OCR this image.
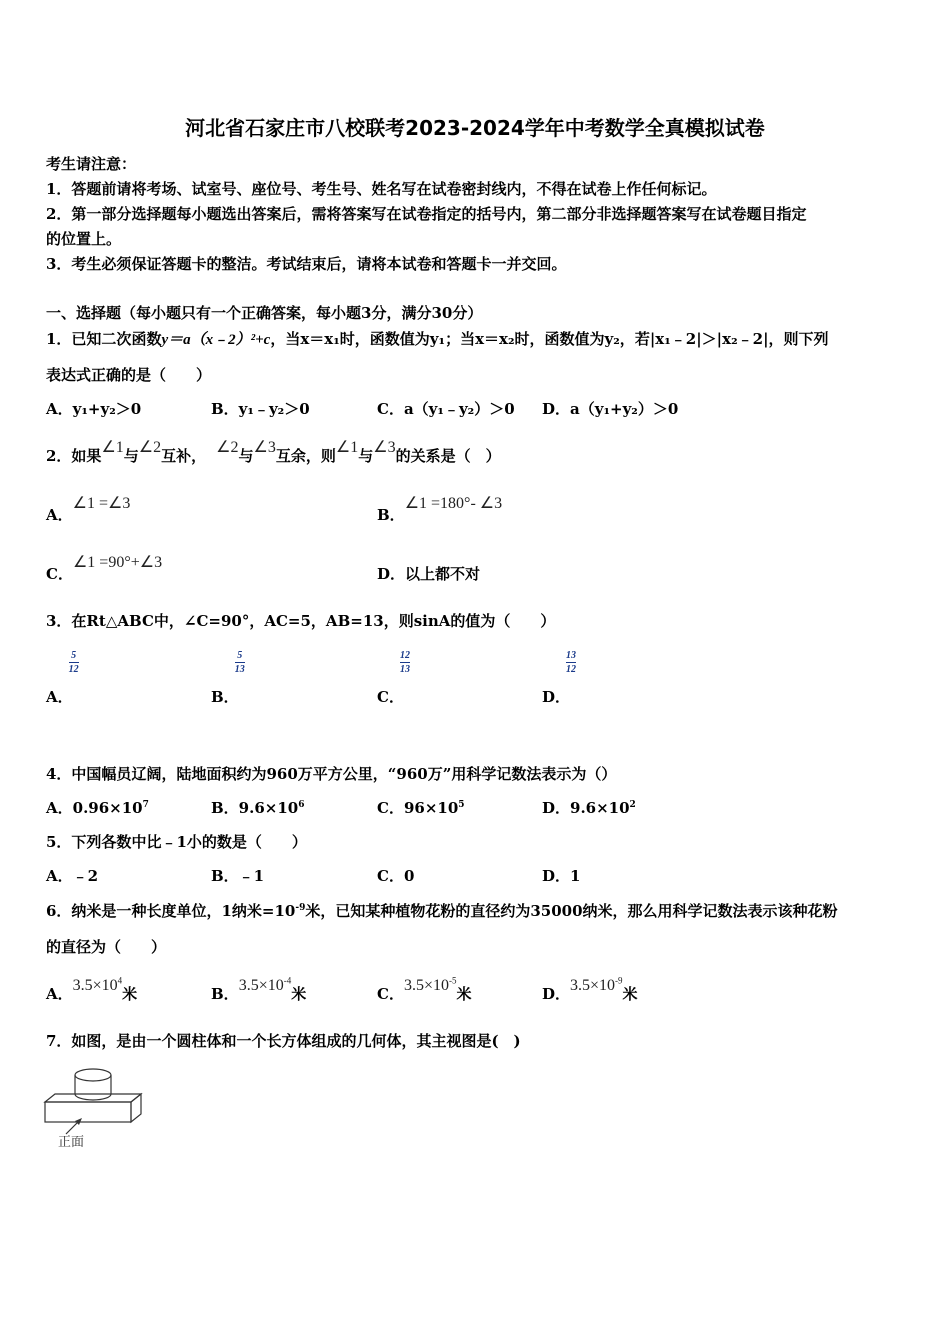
河北省石家庄市八校联考2023-2024学年中考数学全真模拟试卷
考生请注意：
1．答题前请将考场、试室号、座位号、考生号、姓名写在试卷密封线内，不得在试卷上作任何标记。
2．第一部分选择题每小题选出答案后，需将答案写在试卷指定的括号内，第二部分非选择题答案写在试卷题目指定
的位置上。
3．考生必须保证答题卡的整洁。考试结束后，请将本试卷和答题卡一并交回。
一、选择题（每小题只有一个正确答案，每小题3分，满分30分）
1．已知二次函数y＝a（x﹣2）²+c，当x＝x₁时，函数值为y₁；当x＝x₂时，函数值为y₂，若|x₁﹣2|＞|x₂﹣2|，则下列
表达式正确的是（　　）
A．y₁+y₂＞0	B．y₁﹣y₂＞0	C．a（y₁﹣y₂）＞0 D．a（y₁+y₂）＞0
2．如果∠1与∠2互补， ∠2与∠3互余，则∠1与∠3的关系是（　）
A．∠1 =∠3
B．∠1 =180°- ∠3
C．∠1 =90°+∠3
D．以上都不对
3．在Rt△ABC中，∠C=90°，AC=5，AB=13，则sinA的值为（　　）
A．$\frac{5}{12}$
B．$\frac{5}{13}$
C．$\frac{12}{13}$
D．$\frac{13}{12}$
4．中国幅员辽阔，陆地面积约为960万平方公里，“960万”用科学记数法表示为（）
A．$0.96\times 10^7$	B．$9.6\times 10^6$	C．$96\times 10^5$	D．$9.6\times 10^2$
5．下列各数中比﹣1小的数是（　　）
A．﹣2	B．﹣1	C．0	D．1
6．纳米是一种长度单位，1纳米$=10^{-9}$米，已知某种植物花粉的直径约为35000纳米，那么用科学记数法表示该种花粉
的直径为（　　）
A．$3.5\times 10^4$米	B．$3.5\times 10^{-4}$米	C．$3.5\times 10^{-5}$米	D．$3.5\times 10^{-9}$米
7．如图，是由一个圆柱体和一个长方体组成的几何体，其主视图是(　)
正面
